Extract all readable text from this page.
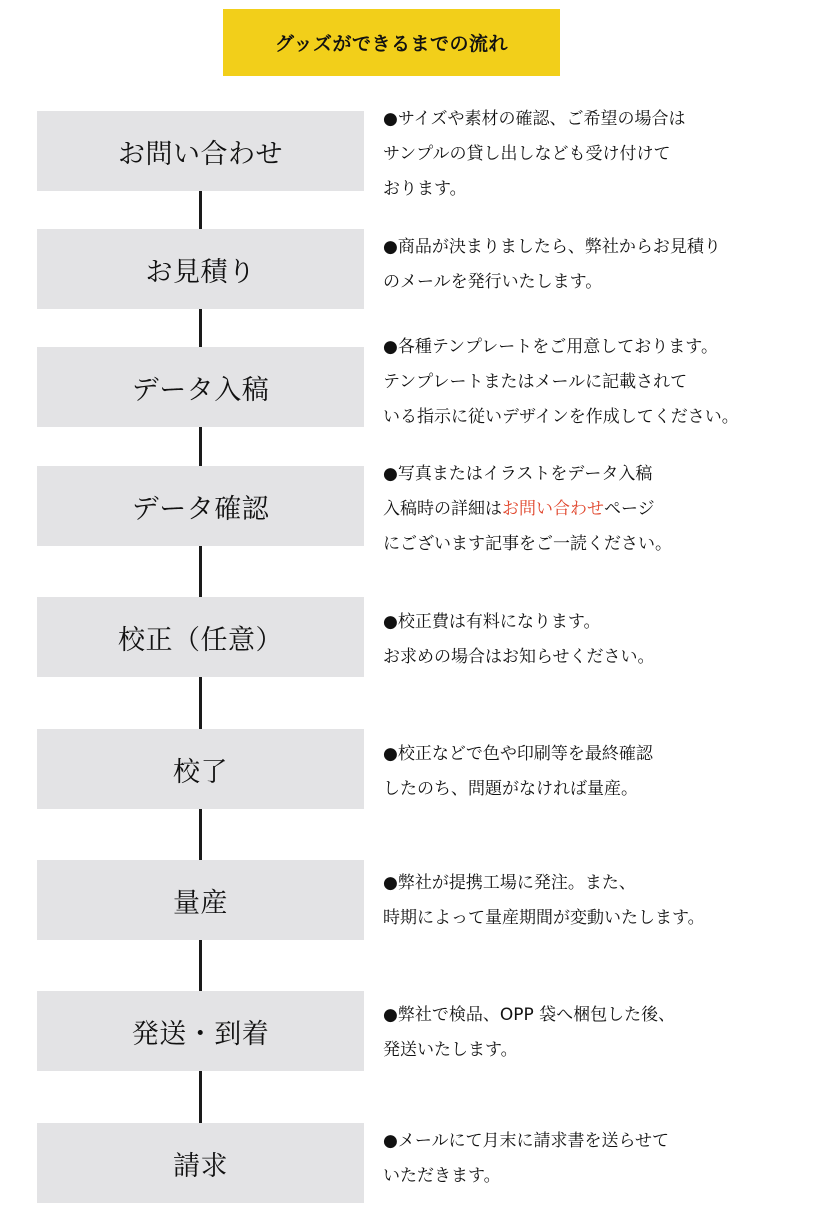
グッズができるまでの流れ
お問い合わせ
●サイズや素材の確認、ご希望の場合は
サンプルの貸し出しなども受け付けて
おります。
お見積り
●商品が決まりましたら、弊社からお見積り
のメールを発行いたします。
データ入稿
●各種テンプレートをご用意しております。
テンプレートまたはメールに記載されて
いる指示に従いデザインを作成してください。
データ確認
●写真またはイラストをデータ入稿
入稿時の詳細はお問い合わせページ
にございます記事をご一読ください。
校正（任意）
●校正費は有料になります。
お求めの場合はお知らせください。
校了
●校正などで色や印刷等を最終確認
したのち、問題がなければ量産。
量産
●弊社が提携工場に発注。また、
時期によって量産期間が変動いたします。
発送・到着
●弊社で検品、OPP 袋へ梱包した後、
発送いたします。
請求
●メールにて月末に請求書を送らせて
いただきます。
